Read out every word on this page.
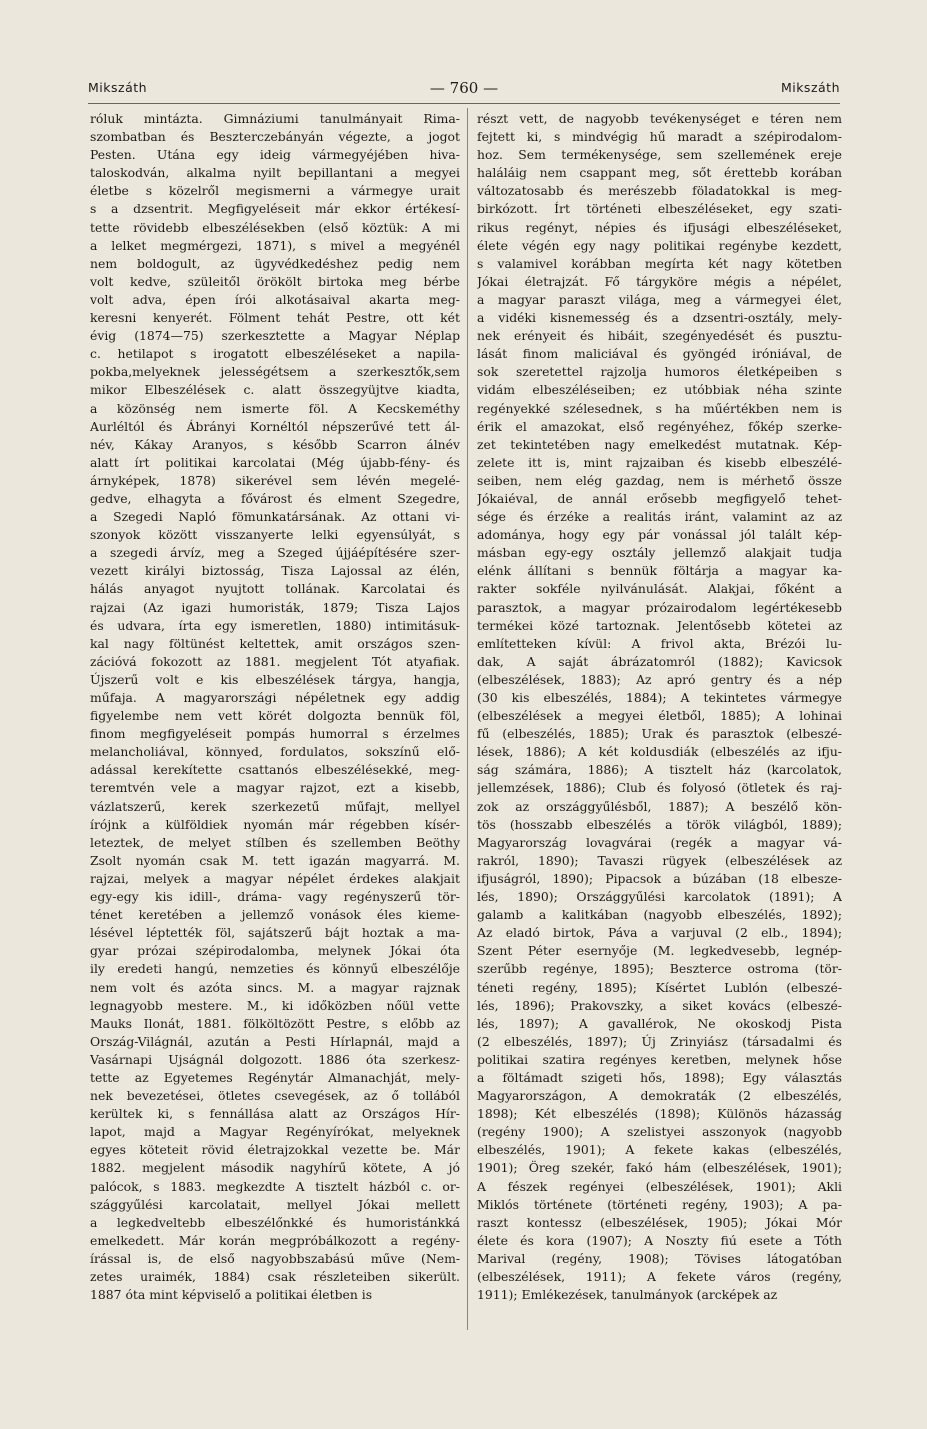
Mikszáth	— 760 —	Mikszáth
róluk mintázta. Gimnáziumi tanulmányait Rima-
szombatban és Beszterczebányán végezte, a jogot
Pesten. Utána egy ideig vármegyéjében hiva-
taloskodván, alkalma nyilt bepillantani a megyei
életbe s közelről megismerni a vármegye urait
s a dzsentrit. Megfigyeléseit már ekkor értékesí-
tette rövidebb elbeszélésekben (első köztük: A mi
a lelket megmérgezi, 1871), s mivel a megyénél
nem boldogult, az ügyvédkedéshez pedig nem
volt kedve, szüleitől örökölt birtoka meg bérbe
volt adva, épen írói alkotásaival akarta meg-
keresni kenyerét. Fölment tehát Pestre, ott két
évig (1874—75) szerkesztette a Magyar Néplap
c. hetilapot s irogatott elbeszéléseket a napila-
pokba,melyeknek jelességétsem a szerkesztők,sem
mikor Elbeszélések c. alatt összegyüjtve kiadta,
a közönség nem ismerte föl. A Kecskeméthy
Aurléltól és Ábrányi Kornéltól népszerűvé tett ál-
név, Kákay Aranyos, s később Scarron álnév
alatt írt politikai karcolatai (Még újabb-fény- és
árnyképek, 1878) sikerével sem lévén megelé-
gedve, elhagyta a fővárost és elment Szegedre,
a Szegedi Napló fömunkatársának. Az ottani vi-
szonyok között visszanyerte lelki egyensúlyát, s
a szegedi árvíz, meg a Szeged újjáépítésére szer-
vezett királyi biztosság, Tisza Lajossal az élén,
hálás anyagot nyujtott tollának. Karcolatai és
rajzai (Az igazi humoristák, 1879; Tisza Lajos
és udvara, írta egy ismeretlen, 1880) intimitásuk-
kal nagy föltünést keltettek, amit országos szen-
zációvá fokozott az 1881. megjelent Tót atyafiak.
Újszerű volt e kis elbeszélések tárgya, hangja,
műfaja. A magyarországi népéletnek egy addig
figyelembe nem vett körét dolgozta bennük föl,
finom megfigyeléseit pompás humorral s érzelmes
melancholiával, könnyed, fordulatos, sokszínű elő-
adással kerekítette csattanós elbeszélésekké, meg-
teremtvén vele a magyar rajzot, ezt a kisebb,
vázlatszerű, kerek szerkezetű műfajt, mellyel
írójnk a külföldiek nyomán már régebben kísér-
leteztek, de melyet stílben és szellemben Beöthy
Zsolt nyomán csak M. tett igazán magyarrá. M.
rajzai, melyek a magyar népélet érdekes alakjait
egy-egy kis idill-, dráma- vagy regényszerű tör-
ténet keretében a jellemző vonások éles kieme-
lésével léptették föl, sajátszerű bájt hoztak a ma-
gyar prózai szépirodalomba, melynek Jókai óta
ily eredeti hangú, nemzeties és könnyű elbeszélője
nem volt és azóta sincs. M. a magyar rajznak
legnagyobb mestere. M., ki időközben nőül vette
Mauks Ilonát, 1881. fölköltözött Pestre, s előbb az
Ország-Világnál, azután a Pesti Hírlapnál, majd a
Vasárnapi Ujságnál dolgozott. 1886 óta szerkesz-
tette az Egyetemes Regénytár Almanachját, mely-
nek bevezetései, ötletes csevegések, az ő tollából
kerültek ki, s fennállása alatt az Országos Hír-
lapot, majd a Magyar Regényírókat, melyeknek
egyes köteteit rövid életrajzokkal vezette be. Már
1882. megjelent második nagyhírű kötete, A jó
palócok, s 1883. megkezdte A tisztelt házból c. or-
szággyűlési karcolatait, mellyel Jókai mellett
a legkedveltebb elbeszélőnkké és humoristánkká
emelkedett. Már korán megpróbálkozott a regény-
írással is, de első nagyobbszabású műve (Nem-
zetes uraimék, 1884) csak részleteiben sikerült.
1887 óta mint képviselő a politikai életben is
részt vett, de nagyobb tevékenységet e téren nem
fejtett ki, s mindvégig hű maradt a szépirodalom-
hoz. Sem termékenysége, sem szellemének ereje
haláláig nem csappant meg, sőt érettebb korában
változatosabb és merészebb föladatokkal is meg-
birkózott. Írt történeti elbeszéléseket, egy szati-
rikus regényt, népies és ifjusági elbeszéléseket,
élete végén egy nagy politikai regénybe kezdett,
s valamivel korábban megírta két nagy kötetben
Jókai életrajzát. Fő tárgyköre mégis a népélet,
a magyar paraszt világa, meg a vármegyei élet,
a vidéki kisnemesség és a dzsentri-osztály, mely-
nek erényeit és hibáit, szegényedését és pusztu-
lását finom maliciával és gyöngéd iróniával, de
sok szeretettel rajzolja humoros életképeiben s
vidám elbeszéléseiben; ez utóbbiak néha szinte
regényekké szélesednek, s ha műértékben nem is
érik el amazokat, első regényéhez, főkép szerke-
zet tekintetében nagy emelkedést mutatnak. Kép-
zelete itt is, mint rajzaiban és kisebb elbeszélé-
seiben, nem elég gazdag, nem is mérhető össze
Jókaiéval, de annál erősebb megfigyelő tehet-
sége és érzéke a realitás iránt, valamint az az
adománya, hogy egy pár vonással jól talált kép-
másban egy-egy osztály jellemző alakjait tudja
elénk állítani s bennük föltárja a magyar ka-
rakter sokféle nyilvánulását. Alakjai, főként a
parasztok, a magyar prózairodalom legértékesebb
termékei közé tartoznak. Jelentősebb kötetei az
említetteken kívül: A frivol akta, Brézói lu-
dak, A saját ábrázatomról (1882); Kavicsok
(elbeszélések, 1883); Az apró gentry és a nép
(30 kis elbeszélés, 1884); A tekintetes vármegye
(elbeszélések a megyei életből, 1885); A lohinai
fű (elbeszélés, 1885); Urak és parasztok (elbeszé-
lések, 1886); A két koldusdiák (elbeszélés az ifju-
ság számára, 1886); A tisztelt ház (karcolatok,
jellemzések, 1886); Club és folyosó (ötletek és raj-
zok az országgyűlésből, 1887); A beszélő kön-
tös (hosszabb elbeszélés a török világból, 1889);
Magyarország lovagvárai (regék a magyar vá-
rakról, 1890); Tavaszi rügyek (elbeszélések az
ifjuságról, 1890); Pipacsok a búzában (18 elbesze-
lés, 1890); Országgyűlési karcolatok (1891); A
galamb a kalitkában (nagyobb elbeszélés, 1892);
Az eladó birtok, Páva a varjuval (2 elb., 1894);
Szent Péter esernyője (M. legkedvesebb, legnép-
szerűbb regénye, 1895); Beszterce ostroma (tör-
téneti regény, 1895); Kísértet Lublón (elbeszé-
lés, 1896); Prakovszky, a siket kovács (elbeszé-
lés, 1897); A gavallérok, Ne okoskodj Pista
(2 elbeszélés, 1897); Új Zrinyiász (társadalmi és
politikai szatira regényes keretben, melynek hőse
a föltámadt szigeti hős, 1898); Egy választás
Magyarországon, A demokraták (2 elbeszélés,
1898); Két elbeszélés (1898); Különös házasság
(regény 1900); A szelistyei asszonyok (nagyobb
elbeszélés, 1901); A fekete kakas (elbeszélés,
1901); Öreg szekér, fakó hám (elbeszélések, 1901);
A fészek regényei (elbeszélések, 1901); Akli
Miklós története (történeti regény, 1903); A pa-
raszt kontessz (elbeszélések, 1905); Jókai Mór
élete és kora (1907); A Noszty fiú esete a Tóth
Marival (regény, 1908); Tövises látogatóban
(elbeszélések, 1911); A fekete város (regény,
1911); Emlékezések, tanulmányok (arcképek az
